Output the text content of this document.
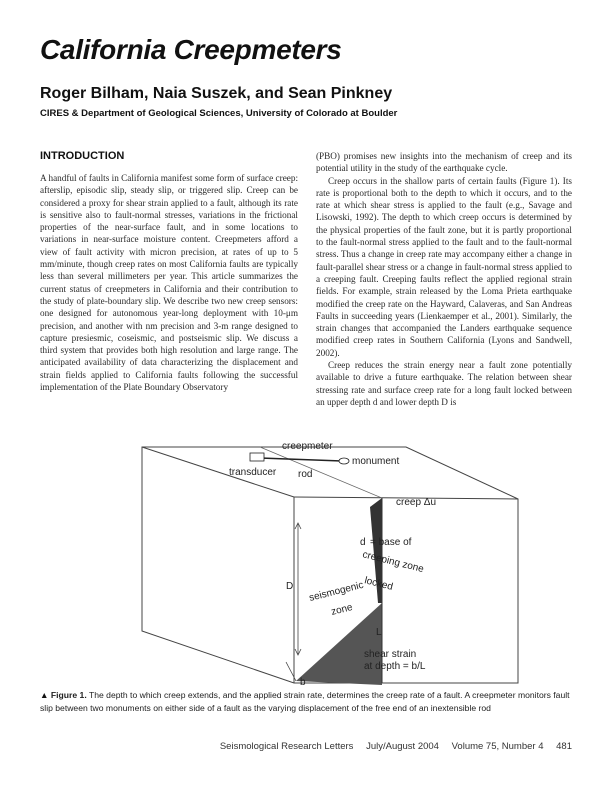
California Creepmeters
Roger Bilham, Naia Suszek, and Sean Pinkney

CIRES & Department of Geological Sciences, University of Colorado at Boulder

INTRODUCTION

A handful of faults in California manifest some form of surface creep: afterslip, episodic slip, steady slip, or triggered slip. Creep can be considered a proxy for shear strain applied to a fault, although its rate is sensitive also to fault-normal stresses, variations in the frictional properties of the near-surface fault, and in some locations to variations in near-surface moisture content. Creepmeters afford a view of fault activity with micron precision, at rates of up to 5 mm/minute, though creep rates on most California faults are typically less than several millimeters per year. This article summarizes the current status of creepmeters in California and their contribution to the study of plate-boundary slip. We describe two new creep sensors: one designed for autonomous year-long deployment with 10-μm precision, and another with nm precision and 3-m range designed to capture presiesmic, coseismic, and postseismic slip. We discuss a third system that provides both high resolution and large range. The anticipated availability of data characterizing the displacement and strain fields applied to California faults following the successful implementation of the Plate Boundary Observatory

(PBO) promises new insights into the mechanism of creep and its potential utility in the study of the earthquake cycle.

Creep occurs in the shallow parts of certain faults (Figure 1). Its rate is proportional both to the depth to which it occurs, and to the rate at which shear stress is applied to the fault (e.g., Savage and Lisowski, 1992). The depth to which creep occurs is determined by the physical properties of the fault zone, but it is partly proportional to the fault-normal stress applied to the fault and to the fault-normal stress. Thus a change in creep rate may accompany either a change in fault-parallel shear stress or a change in fault-normal stress applied to a creeping fault. Creeping faults reflect the applied regional strain fields. For example, strain released by the Loma Prieta earthquake modified the creep rate on the Hayward, Calaveras, and San Andreas Faults in succeeding years (Lienkaemper et al., 2001). Similarly, the strain changes that accompanied the Landers earthquake sequence modified creep rates in Southern California (Lyons and Sandwell, 2002).

Creep reduces the strain energy near a fault zone potentially available to drive a future earthquake. The relation between shear stressing rate and surface creep rate for a long fault locked between an upper depth d and lower depth D is

creepmeter
transducer rod
monument
creep Δu
d = base of
creeping zone
locked
D seismogenic
zone
L
shear strain
at depth = b/L
b

▲ Figure 1. The depth to which creep extends, and the applied strain rate, determines the creep rate of a fault. A creepmeter monitors fault slip between two monuments on either side of a fault as the varying displacement of the free end of an inextensible rod

Seismological Research Letters July/August 2004 Volume 75, Number 4 481
